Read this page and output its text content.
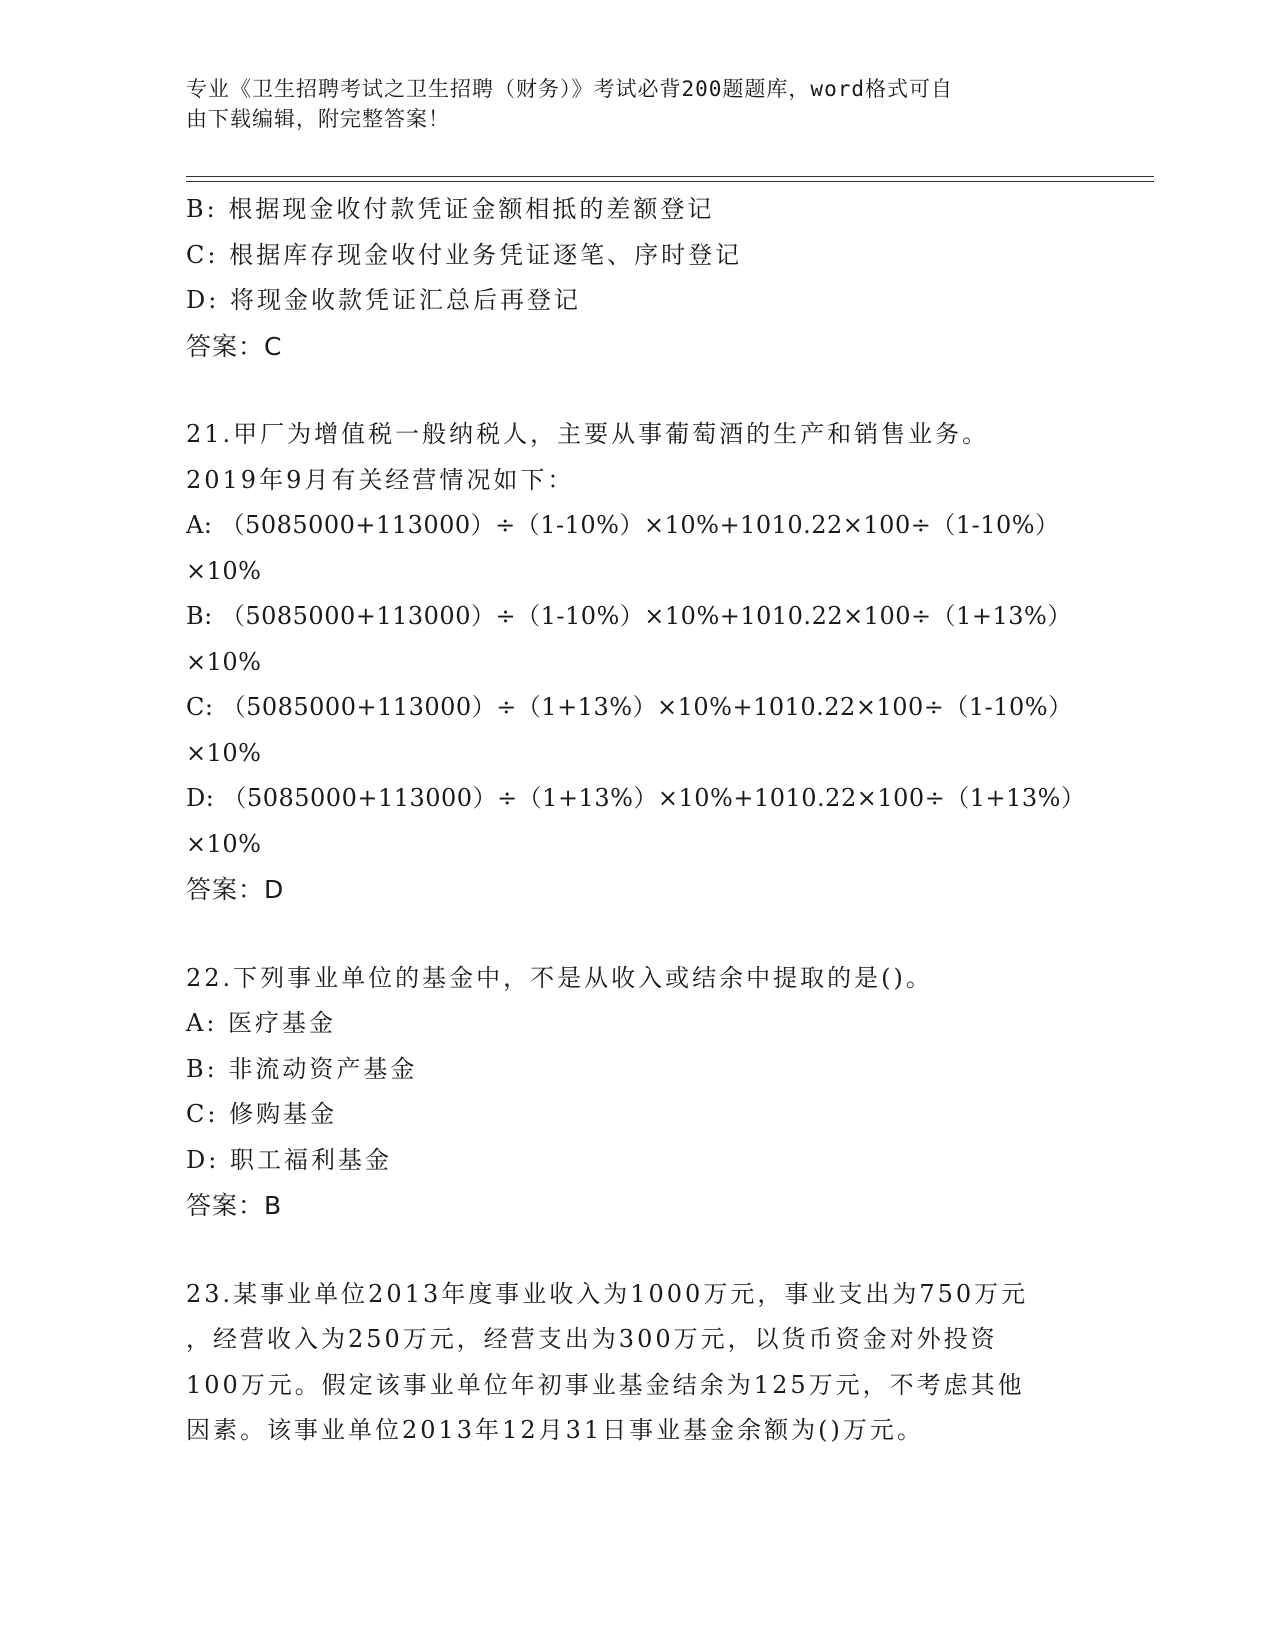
专业《卫生招聘考试之卫生招聘（财务）》考试必背200题题库，word格式可自
由下载编辑，附完整答案！
B: 根据现金收付款凭证金额相抵的差额登记
C: 根据库存现金收付业务凭证逐笔、序时登记
D: 将现金收款凭证汇总后再登记
答案：C
21.甲厂为增值税一般纳税人，主要从事葡萄酒的生产和销售业务。
2019年9月有关经营情况如下：
A: （5085000+113000）÷（1-10%）×10%+1010.22×100÷（1-10%）
×10%
B: （5085000+113000）÷（1-10%）×10%+1010.22×100÷（1+13%）
×10%
C: （5085000+113000）÷（1+13%）×10%+1010.22×100÷（1-10%）
×10%
D: （5085000+113000）÷（1+13%）×10%+1010.22×100÷（1+13%）
×10%
答案：D
22.下列事业单位的基金中，不是从收入或结余中提取的是()。
A: 医疗基金
B: 非流动资产基金
C: 修购基金
D: 职工福利基金
答案：B
23.某事业单位2013年度事业收入为1000万元，事业支出为750万元
，经营收入为250万元，经营支出为300万元，以货币资金对外投资
100万元。假定该事业单位年初事业基金结余为125万元，不考虑其他
因素。该事业单位2013年12月31日事业基金余额为()万元。
